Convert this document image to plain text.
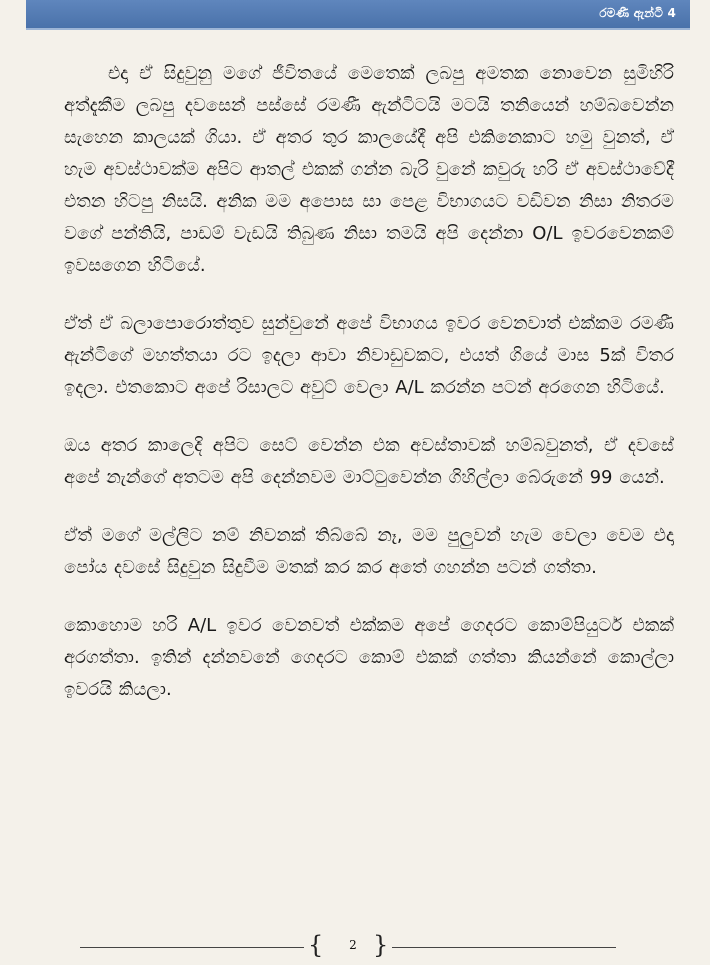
රමණී ඇන්ටි 4

එදා ඒ සිදුවුනු මගේ ජීවිතයේ මෙතෙක් ලබපු අමතක නොවෙන සුමිහිරි අත්දැකීම ලබපු දවසෙන් පස්සේ රමණී ඇන්ටිටයි මටයි තනියෙන් හම්බවෙන්න සැහෙන කාලයක් ගියා. ඒ අතර තුර කාලයේදී අපි එකිනෙකාට හමු වුනත්, ඒ හැම අවස්ථාවක්ම අපිට ආතල් එකක් ගන්න බැරි වුනේ කවුරු හරි ඒ අවස්ථාවේදී එතන හිටපු නිසයි. අනික මම අපොස සා පෙළ විභාගයට වඩිවන නිසා නිතරම වගේ පන්තියි, පාඩම් වැඩයි තිබුණ නිසා තමයි අපි දෙන්නා O/L ඉවරවෙනකම් ඉවසගෙන හිටියේ.

ඒත් ඒ බලාපොරොත්තුව සුන්වුනේ අපේ විභාගය ඉවර වෙනවාත් එක්කම රමණී ඇන්ටිගේ මහත්තයා රට ඉදලා ආවා නිවාඩුවකට, එයත් ගියේ මාස 5ක් විතර ඉදලා. එතකොට අපේ රිසාලට අවුට් වෙලා A/L කරන්න පටන් අරගෙන හිටියේ.

ඔය අතර කාලෙදි අපිට සෙට් වෙන්න එක අවස්තාවක් හම්බවුනත්, ඒ දවසේ අපේ නැන්ගේ අතටම අපි දෙන්නවම මාට්ටුවෙන්න ගිහිල්ලා බේරුනේ 99 යෙන්.

ඒත් මගේ මල්ලිට නම් නිවනක් තිබ්බේ නෑ, මම පුලුවන් හැම වෙලා වෙම එදා පෝය දවසේ සිදුවුන සිදුවීම මතක් කර කර අතේ ගහන්න පටන් ගත්තා.

කොහොම හරි A/L ඉවර වෙනවත් එක්කම අපේ ගෙදරට කොම්පියුටර් එකක් අරගත්තා. ඉතින් දන්නවනේ ගෙදරට කොම් එකක් ගත්තා කියන්නේ කොල්ලා ඉවරයි කියලා.

{	2 }
